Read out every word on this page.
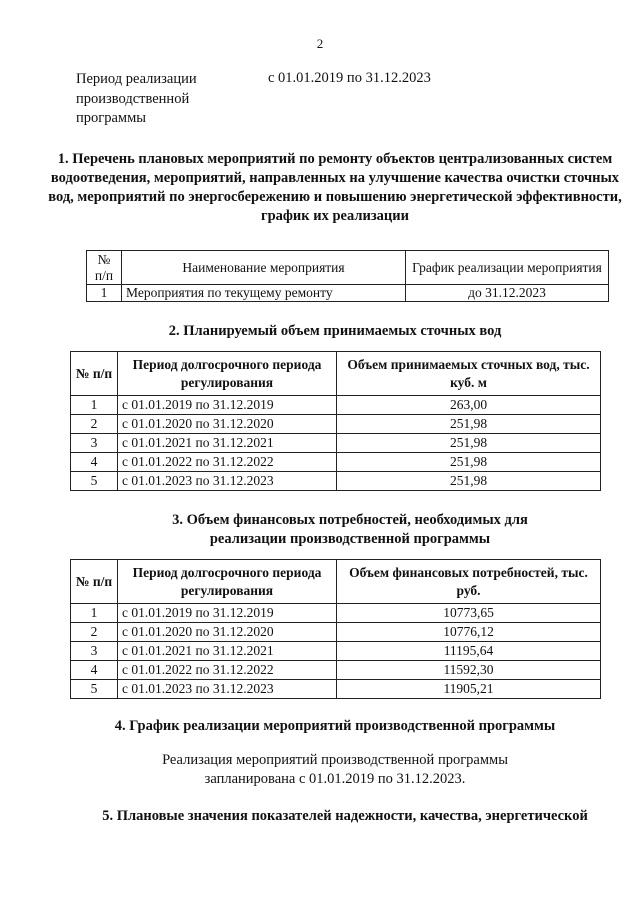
2
Период реализации производственной программы
с 01.01.2019 по 31.12.2023
1. Перечень плановых мероприятий по ремонту объектов централизованных систем водоотведения, мероприятий, направленных на улучшение качества очистки сточных вод, мероприятий по энергосбережению и повышению энергетической эффективности, график их реализации
№ п/п	Наименование мероприятия	График реализации мероприятия
1	Мероприятия по текущему ремонту	до 31.12.2023
2. Планируемый объем принимаемых сточных вод
№ п/п	Период долгосрочного периода регулирования	Объем принимаемых сточных вод, тыс. куб. м
1	с 01.01.2019 по 31.12.2019	263,00
2	с 01.01.2020 по 31.12.2020	251,98
3	с 01.01.2021 по 31.12.2021	251,98
4	с 01.01.2022 по 31.12.2022	251,98
5	с 01.01.2023 по 31.12.2023	251,98
3. Объем финансовых потребностей, необходимых для реализации производственной программы
№ п/п	Период долгосрочного периода регулирования	Объем финансовых потребностей, тыс. руб.
1	с 01.01.2019 по 31.12.2019	10773,65
2	с 01.01.2020 по 31.12.2020	10776,12
3	с 01.01.2021 по 31.12.2021	11195,64
4	с 01.01.2022 по 31.12.2022	11592,30
5	с 01.01.2023 по 31.12.2023	11905,21
4. График реализации мероприятий производственной программы
Реализация мероприятий производственной программы
запланирована с 01.01.2019 по 31.12.2023.
5. Плановые значения показателей надежности, качества, энергетической
